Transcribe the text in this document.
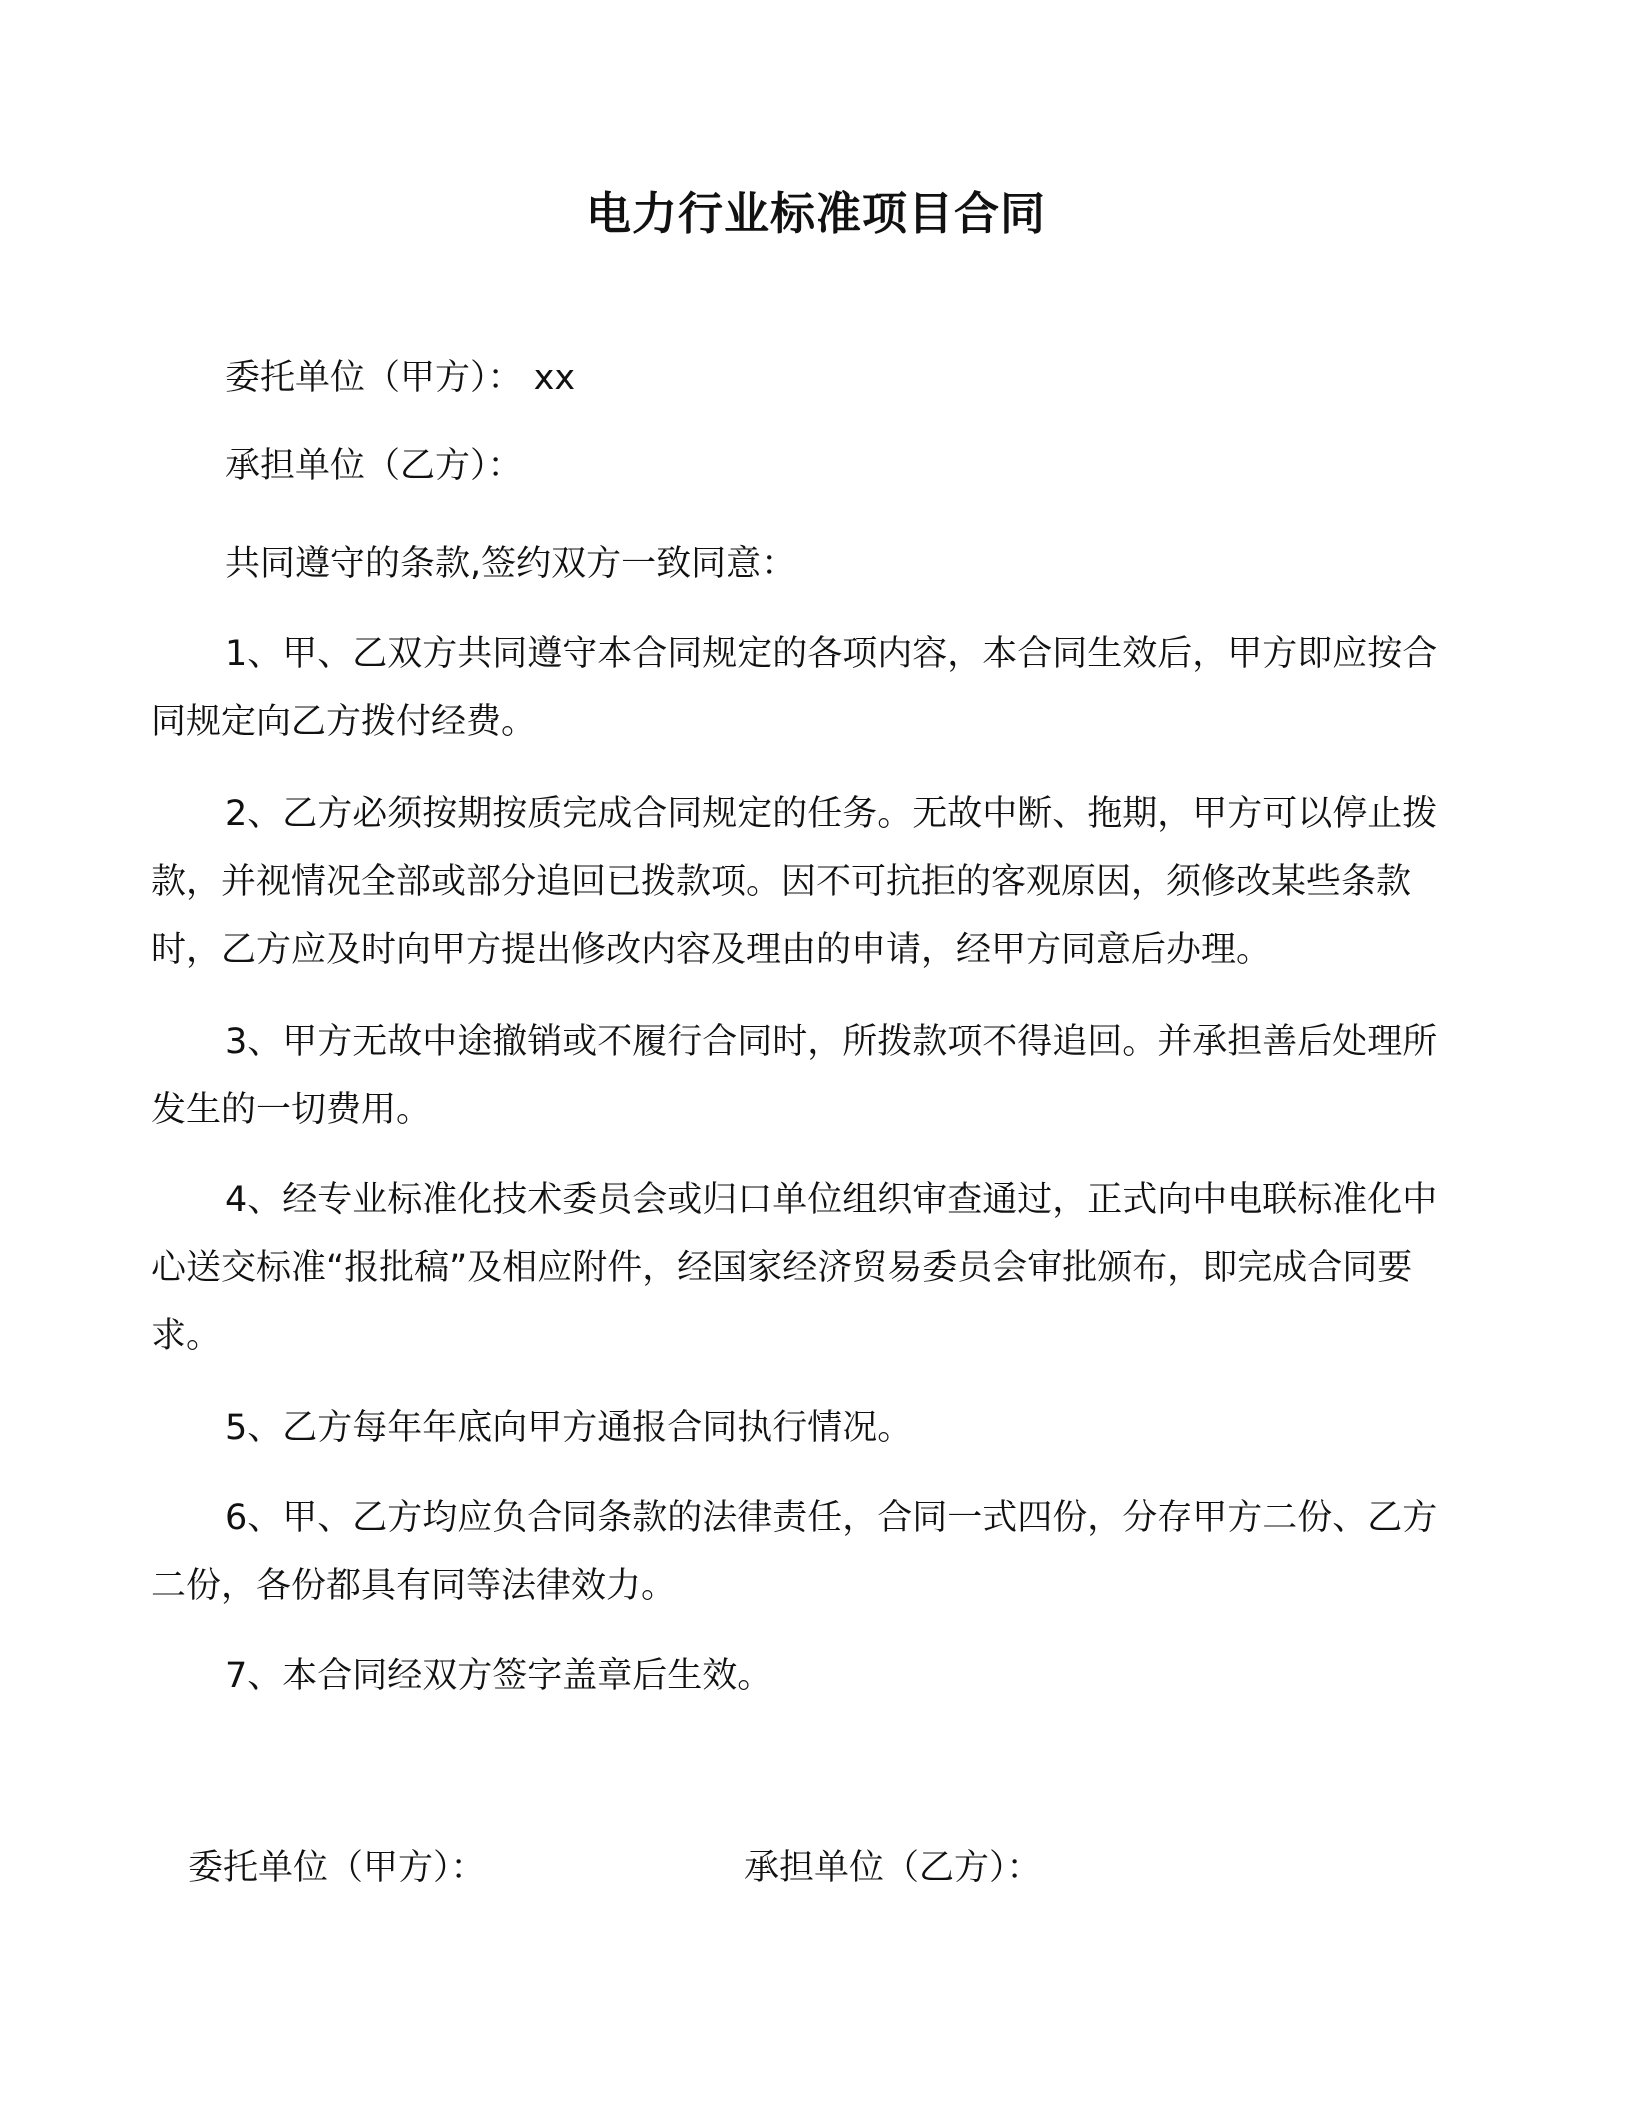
电力行业标准项目合同

委托单位（甲方）： xx

承担单位（乙方）：

共同遵守的条款,签约双方一致同意：

1、甲、乙双方共同遵守本合同规定的各项内容，本合同生效后，甲方即应按合同规定向乙方拨付经费。

2、乙方必须按期按质完成合同规定的任务。无故中断、拖期，甲方可以停止拨款，并视情况全部或部分追回已拨款项。因不可抗拒的客观原因，须修改某些条款时，乙方应及时向甲方提出修改内容及理由的申请，经甲方同意后办理。

3、甲方无故中途撤销或不履行合同时，所拨款项不得追回。并承担善后处理所发生的一切费用。

4、经专业标准化技术委员会或归口单位组织审查通过，正式向中电联标准化中心送交标准“报批稿”及相应附件，经国家经济贸易委员会审批颁布，即完成合同要求。

5、乙方每年年底向甲方通报合同执行情况。

6、甲、乙方均应负合同条款的法律责任，合同一式四份，分存甲方二份、乙方二份，各份都具有同等法律效力。

7、本合同经双方签字盖章后生效。

委托单位（甲方）：	承担单位（乙方）：
